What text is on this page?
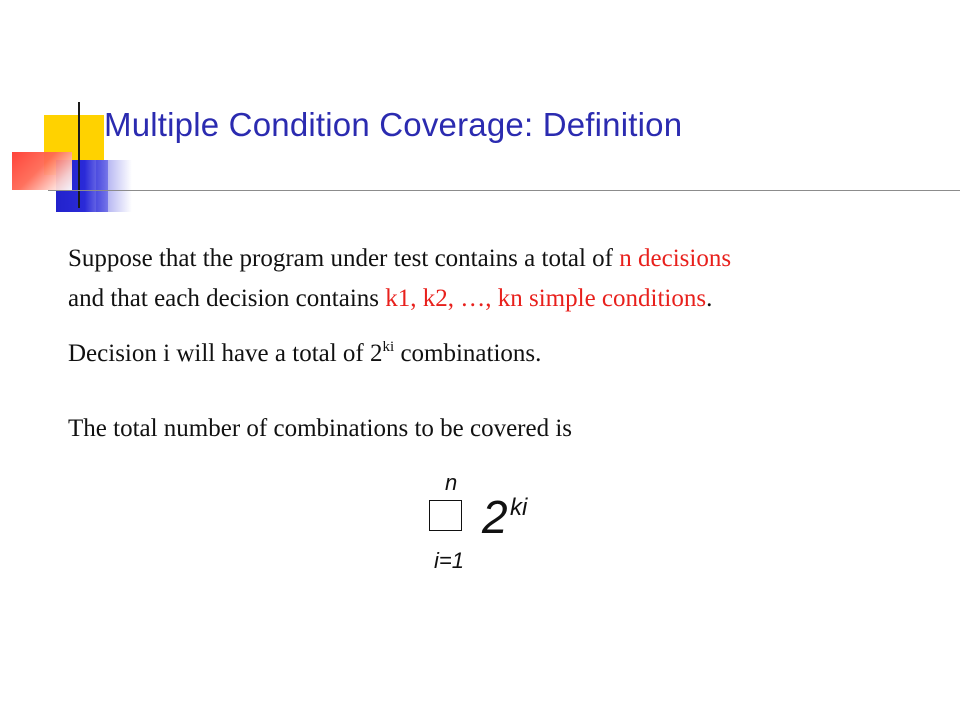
Multiple Condition Coverage: Definition

Suppose that the program under test contains a total of n decisions

and that each decision contains k1, k2, …, kn simple conditions.

Decision i will have a total of $2^{ki}$ combinations.

The total number of combinations to be covered is

n
2 ki
i=1
